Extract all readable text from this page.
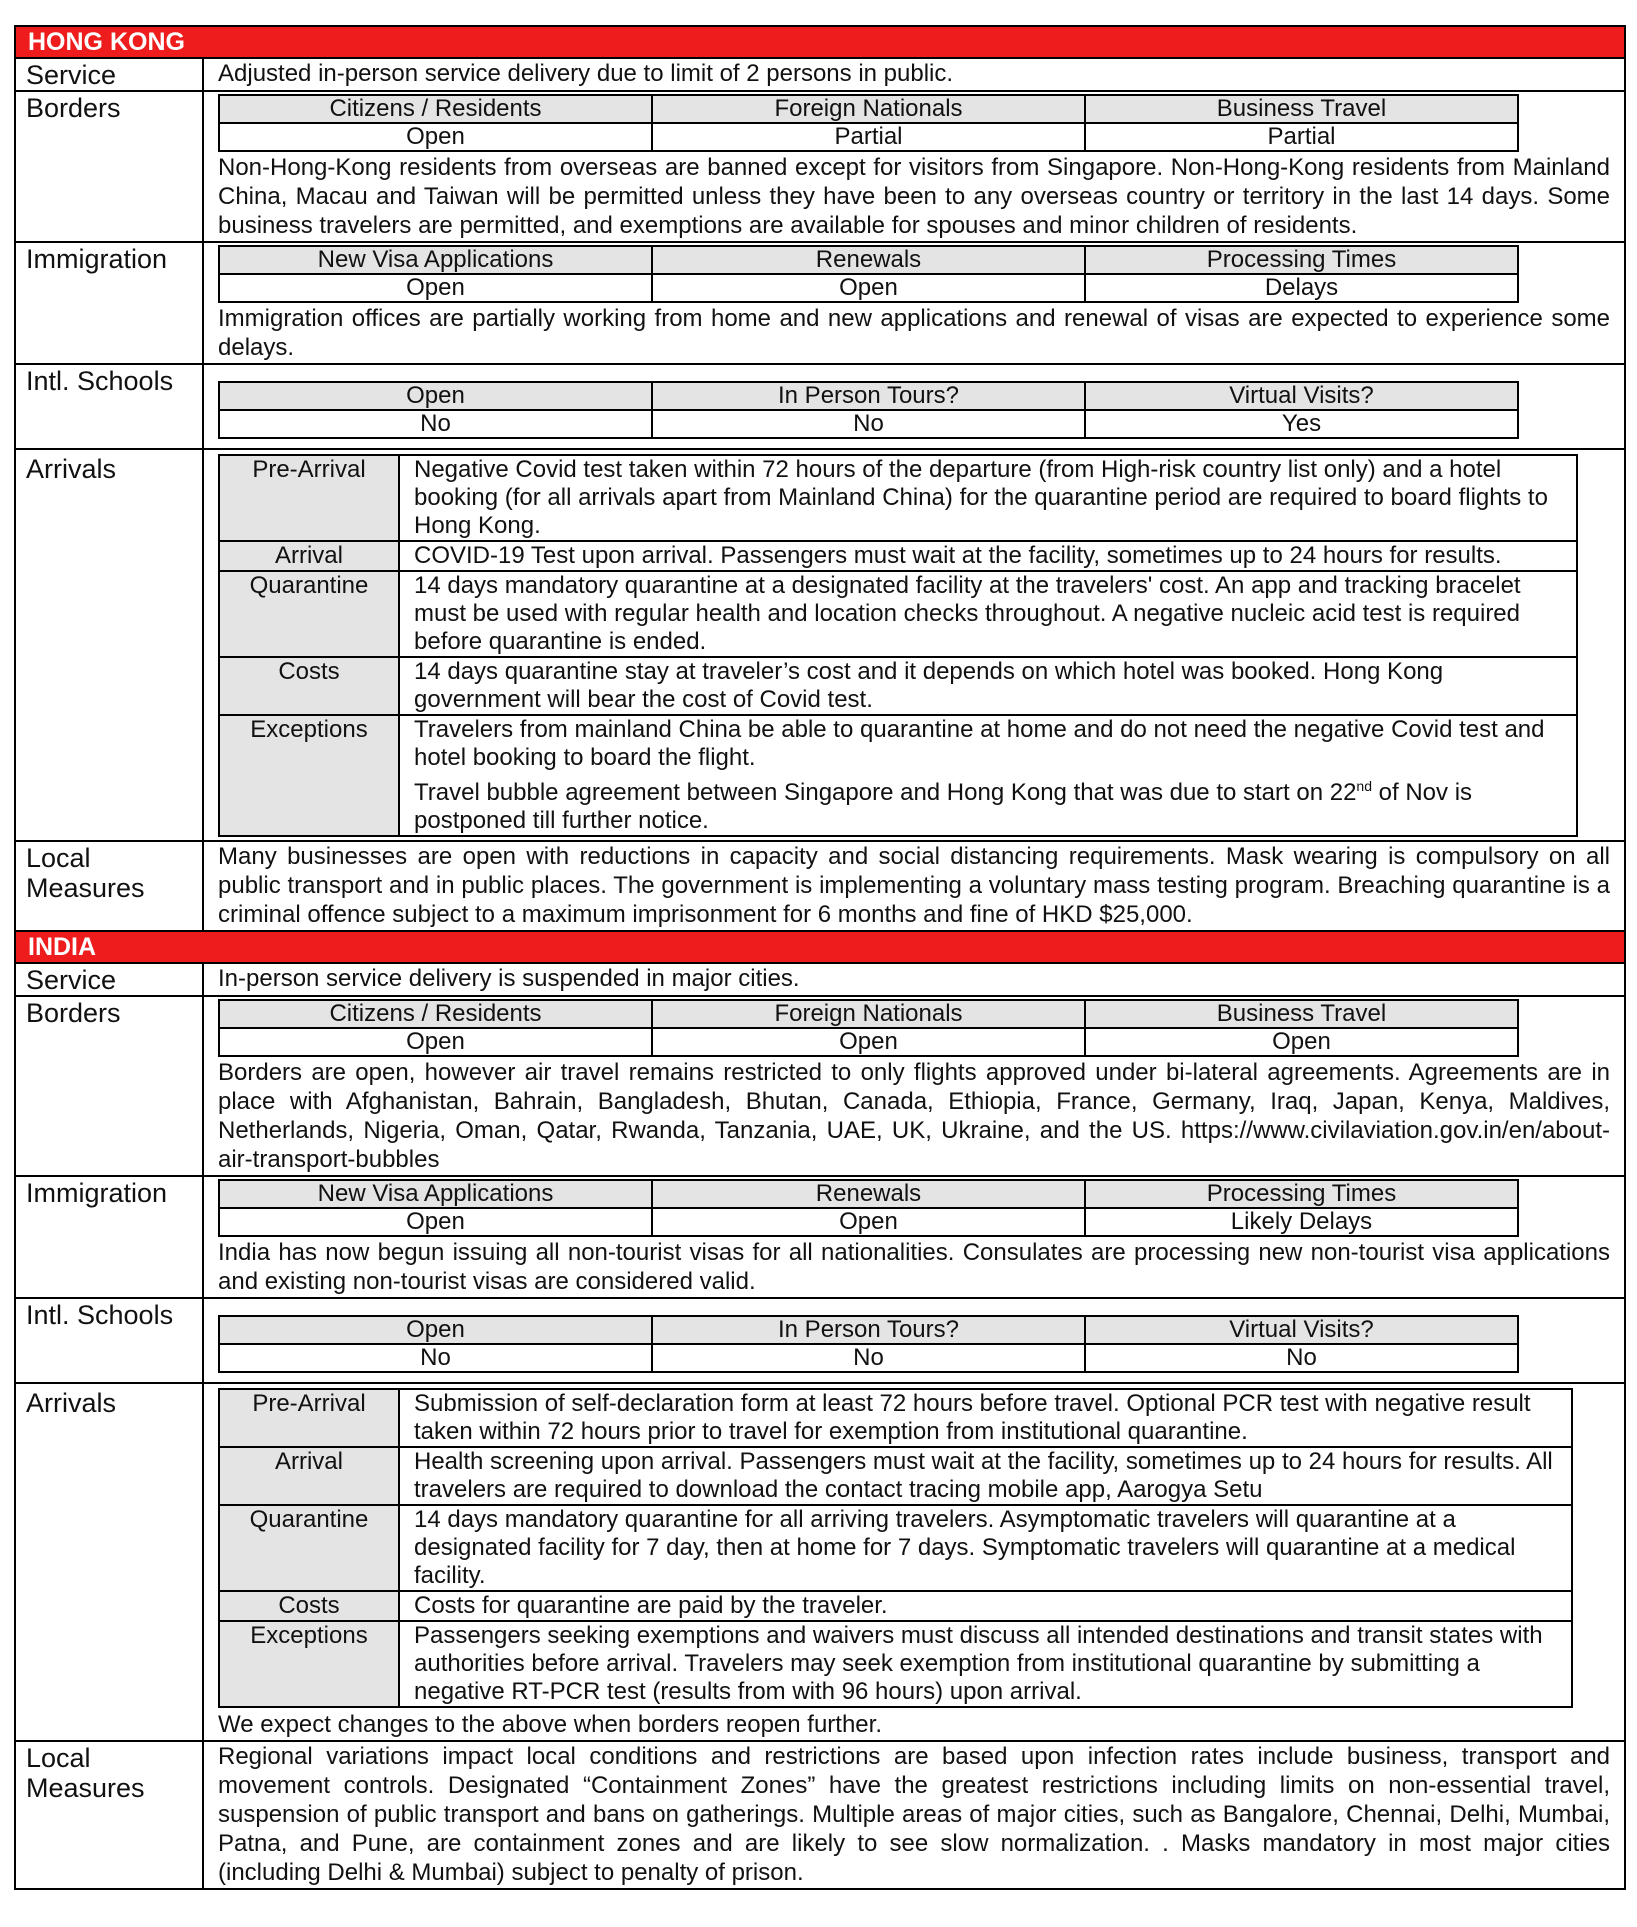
HONG KONG
Service	Adjusted in-person service delivery due to limit of 2 persons in public.
Borders		Citizens / Residents	Foreign Nationals	Business Travel
Open	Partial	Partial
Non-Hong-Kong residents from overseas are banned except for visitors from Singapore. Non-Hong-Kong residents from Mainland China, Macau and Taiwan will be permitted unless they have been to any overseas country or territory in the last 14 days. Some business travelers are permitted, and exemptions are available for spouses and minor children of residents.

Immigration		New Visa Applications	Renewals	Processing Times
Open	Open	Delays
Immigration offices are partially working from home and new applications and renewal of visas are expected to experience some delays.

Intl. Schools		Open	In Person Tours?	Virtual Visits?
No	No	Yes

Arrivals		Pre-Arrival	Negative Covid test taken within 72 hours of the departure (from High-risk country list only) and a hotel booking (for all arrivals apart from Mainland China) for the quarantine period are required to board flights to Hong Kong.
Arrival	COVID-19 Test upon arrival. Passengers must wait at the facility, sometimes up to 24 hours for results.
Quarantine	14 days mandatory quarantine at a designated facility at the travelers' cost. An app and tracking bracelet must be used with regular health and location checks throughout. A negative nucleic acid test is required before quarantine is ended.
Costs	14 days quarantine stay at traveler’s cost and it depends on which hotel was booked. Hong Kong government will bear the cost of Covid test.
Exceptions	Travelers from mainland China be able to quarantine at home and do not need the negative Covid test and hotel booking to board the flight.
Travel bubble agreement between Singapore and Hong Kong that was due to start on 22nd of Nov is postponed till further notice.

Local
Measures
	Many businesses are open with reductions in capacity and social distancing requirements. Mask wearing is compulsory on all public transport and in public places. The government is implementing a voluntary mass testing program. Breaching quarantine is a criminal offence subject to a maximum imprisonment for 6 months and fine of HKD $25,000.
INDIA
Service	In-person service delivery is suspended in major cities.
Borders		Citizens / Residents	Foreign Nationals	Business Travel
Open	Open	Open
Borders are open, however air travel remains restricted to only flights approved under bi-lateral agreements. Agreements are in place with Afghanistan, Bahrain, Bangladesh, Bhutan, Canada, Ethiopia, France, Germany, Iraq, Japan, Kenya, Maldives, Netherlands, Nigeria, Oman, Qatar, Rwanda, Tanzania, UAE, UK, Ukraine, and the US. https://www.civilaviation.gov.in/en/about-air-transport-bubbles

Immigration		New Visa Applications	Renewals	Processing Times
Open	Open	Likely Delays
India has now begun issuing all non-tourist visas for all nationalities. Consulates are processing new non-tourist visa applications and existing non-tourist visas are considered valid.

Intl. Schools		Open	In Person Tours?	Virtual Visits?
No	No	No

Arrivals		Pre-Arrival	Submission of self-declaration form at least 72 hours before travel. Optional PCR test with negative result taken within 72 hours prior to travel for exemption from institutional quarantine.
Arrival	Health screening upon arrival. Passengers must wait at the facility, sometimes up to 24 hours for results. All travelers are required to download the contact tracing mobile app, Aarogya Setu
Quarantine	14 days mandatory quarantine for all arriving travelers. Asymptomatic travelers will quarantine at a designated facility for 7 day, then at home for 7 days. Symptomatic travelers will quarantine at a medical facility.
Costs	Costs for quarantine are paid by the traveler.
Exceptions	Passengers seeking exemptions and waivers must discuss all intended destinations and transit states with authorities before arrival. Travelers may seek exemption from institutional quarantine by submitting a negative RT-PCR test (results from with 96 hours) upon arrival.
We expect changes to the above when borders reopen further.

Local
Measures
	Regional variations impact local conditions and restrictions are based upon infection rates include business, transport and movement controls. Designated “Containment Zones” have the greatest restrictions including limits on non-essential travel, suspension of public transport and bans on gatherings. Multiple areas of major cities, such as Bangalore, Chennai, Delhi, Mumbai, Patna, and Pune, are containment zones and are likely to see slow normalization. . Masks mandatory in most major cities (including Delhi & Mumbai) subject to penalty of prison.
